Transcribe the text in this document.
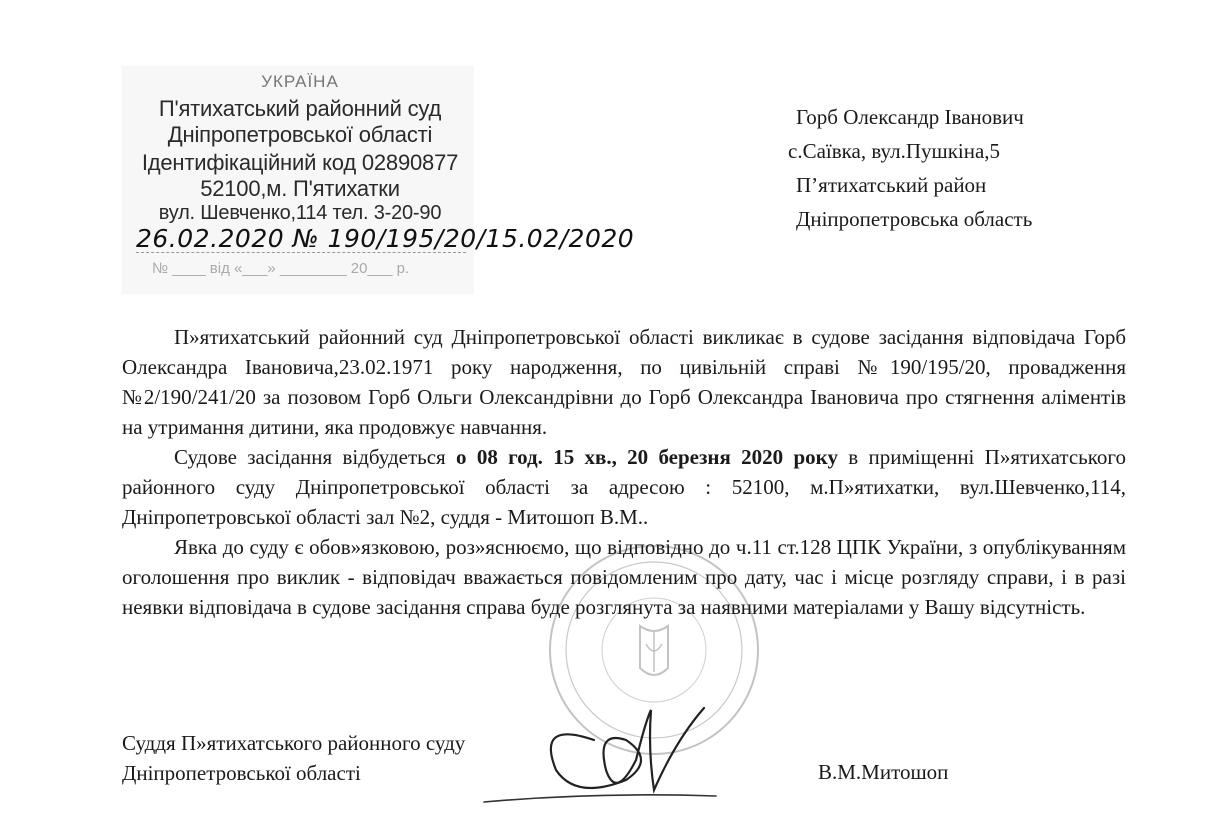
УКРАЇНА
П'ятихатський районний суд
Дніпропетровської області
Ідентифікаційний код 02890877
52100,м. П'ятихатки
вул. Шевченко,114 тел. 3-20-90
26.02.2020 № 190/195/20/15.02/2020
№ ____ від «___» ________ 20___ р.
Горб Олександр Іванович
с.Саївка, вул.Пушкіна,5
П’ятихатський район
Дніпропетровська область

П»ятихатський районний суд Дніпропетровської області викликає в судове засідання відповідача Горб Олександра Івановича,23.02.1971 року народження, по цивільній справі №190/195/20, провадження №2/190/241/20 за позовом Горб Ольги Олександрівни до Горб Олександра Івановича про стягнення аліментів на утримання дитини, яка продовжує навчання.

Судове засідання відбудеться о 08 год. 15 хв., 20 березня 2020 року в приміщенні П»ятихатського районного суду Дніпропетровської області за адресою : 52100, м.П»ятихатки, вул.Шевченко,114, Дніпропетровської області зал №2, суддя - Митошоп В.М..

Явка до суду є обов»язковою, роз»яснюємо, що відповідно до ч.11 ст.128 ЦПК України, з опублікуванням оголошення про виклик - відповідач вважається повідомленим про дату, час і місце розгляду справи, і в разі неявки відповідача в судове засідання справа буде розглянута за наявними матеріалами у Вашу відсутність.

Суддя П»ятихатського районного суду
Дніпропетровської області	В.М.Митошоп
